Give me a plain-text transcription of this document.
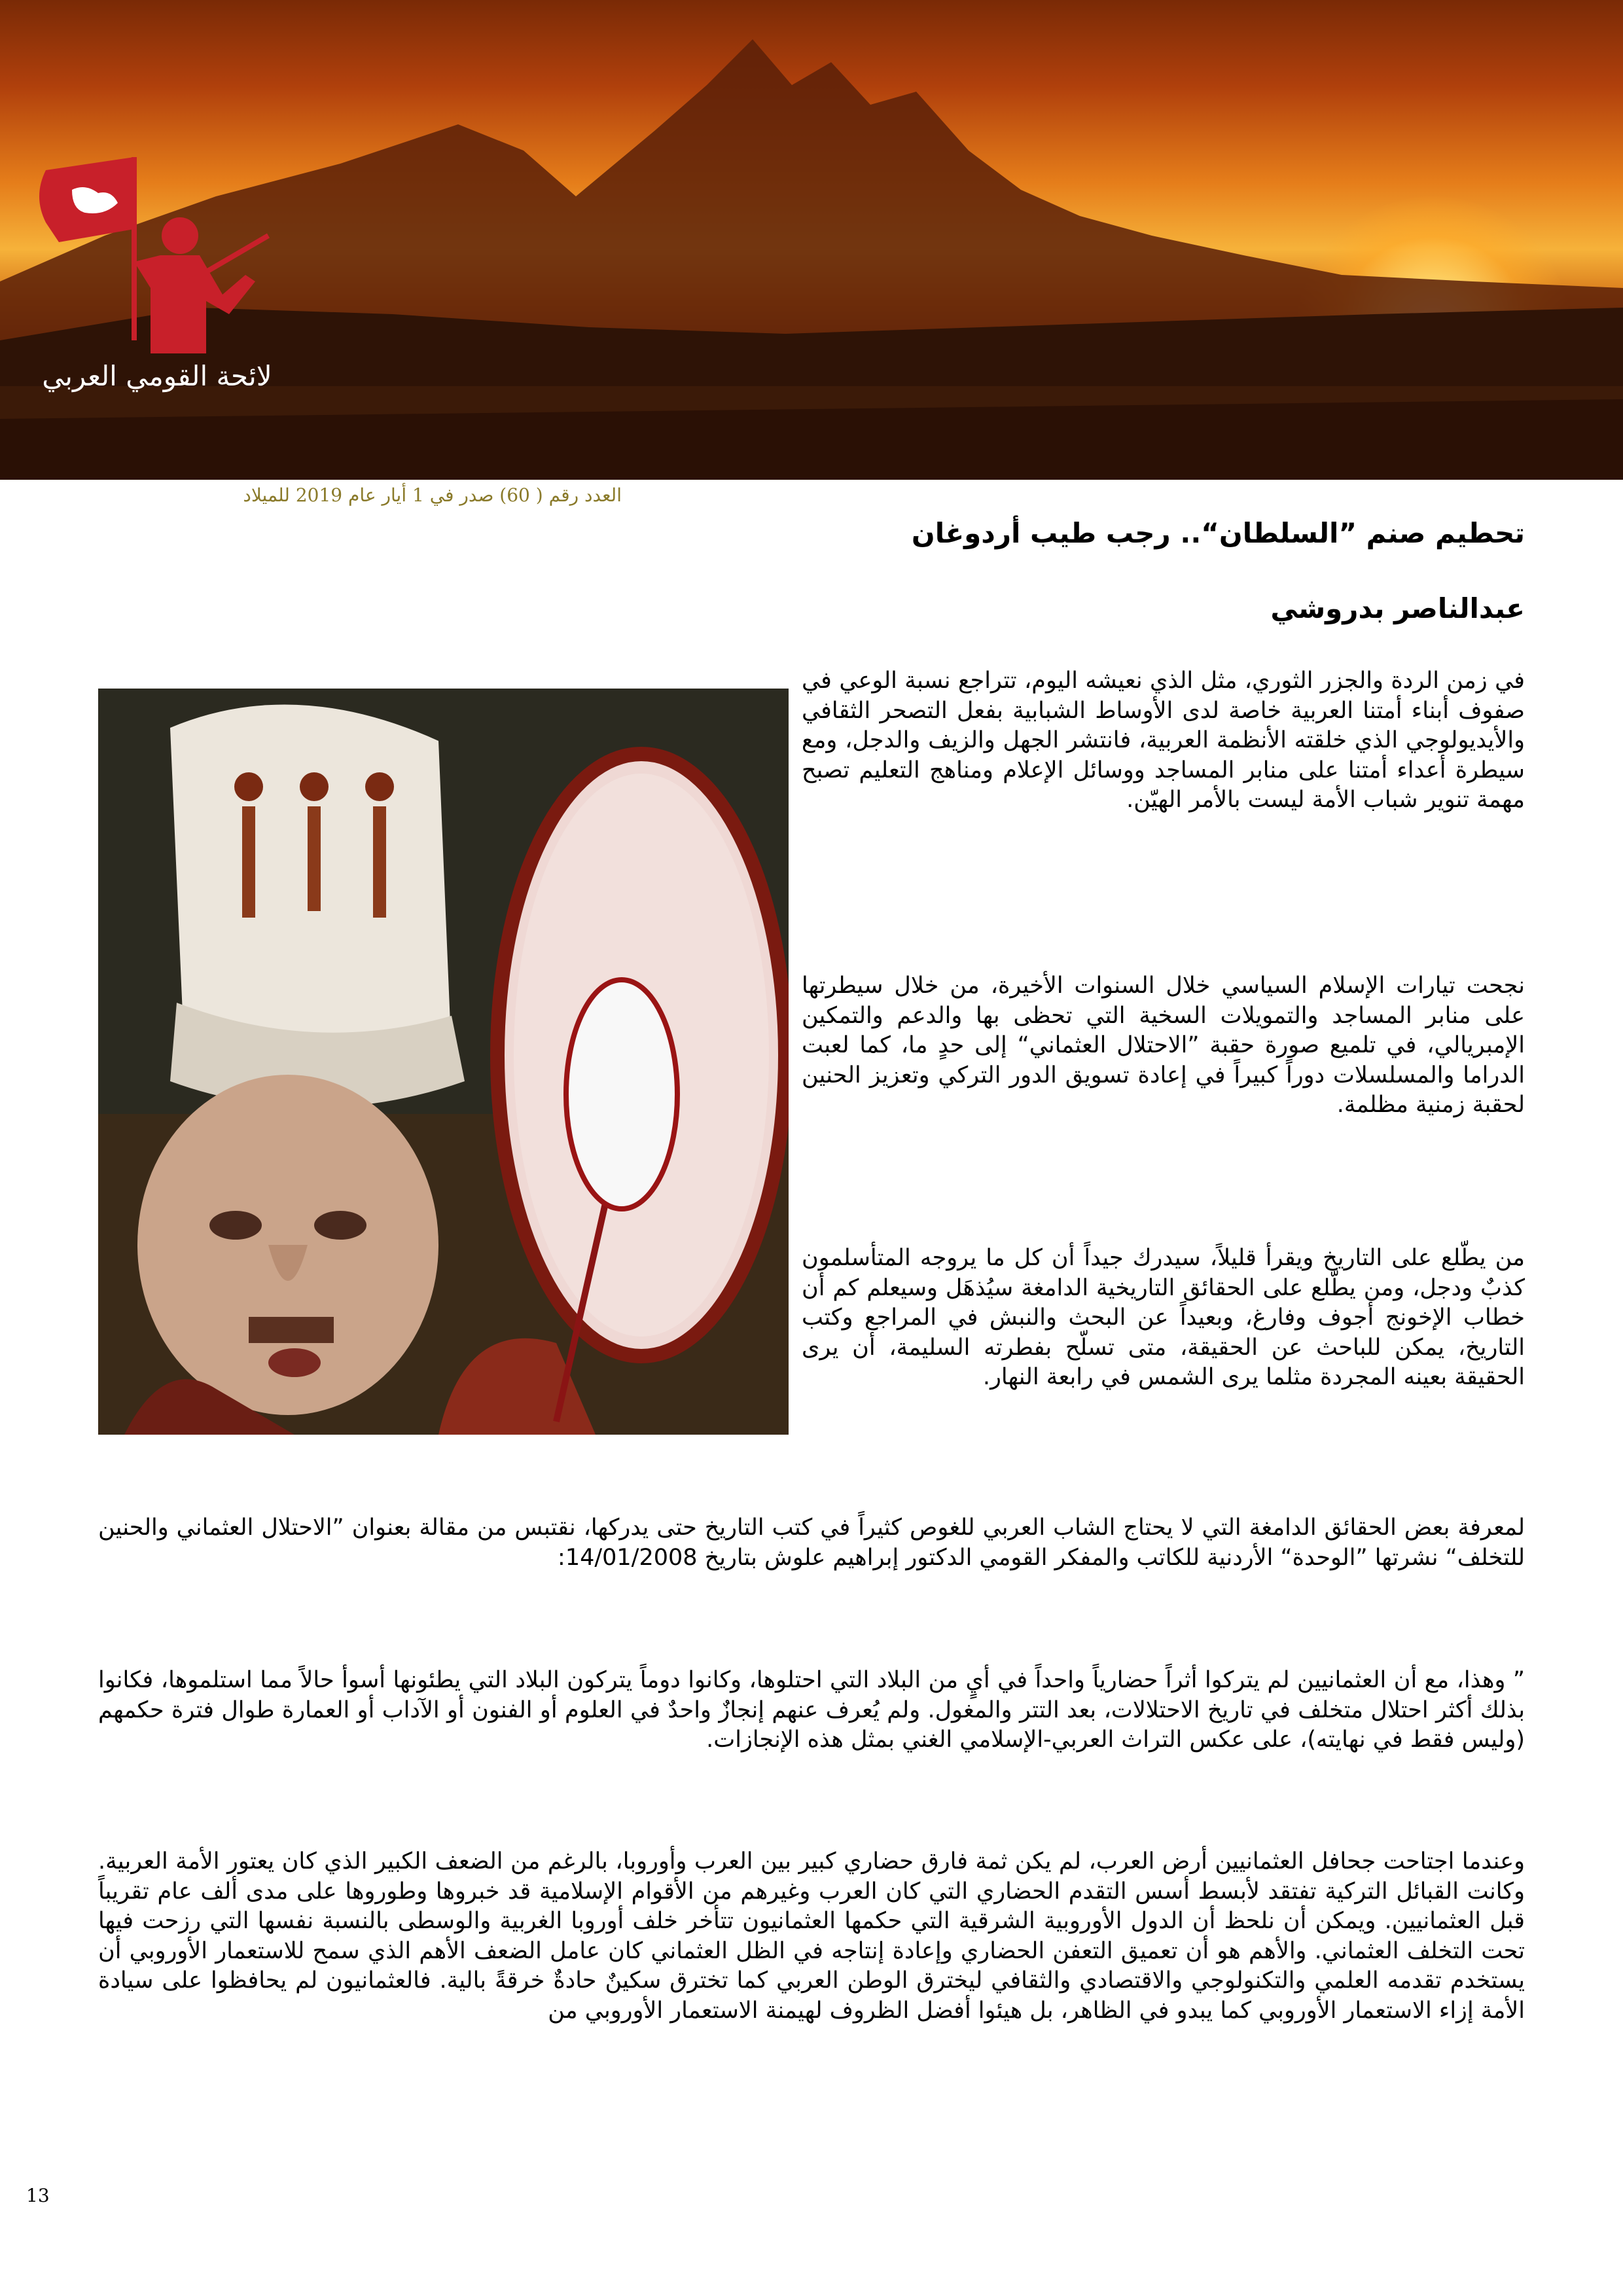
لائحة القومي العربي
العدد رقم ( 60) صدر في 1 أيار عام 2019 للميلاد
تحطيم صنم ”السلطان“.. رجب طيب أردوغان
عبدالناصر بدروشي
في زمن الردة والجزر الثوري، مثل الذي نعيشه اليوم، تتراجع نسبة الوعي في صفوف أبناء أمتنا العربية خاصة لدى الأوساط الشبابية بفعل التصحر الثقافي والأيديولوجي الذي خلقته الأنظمة العربية، فانتشر الجهل والزيف والدجل، ومع سيطرة أعداء أمتنا على منابر المساجد ووسائل الإعلام ومناهج التعليم تصبح مهمة تنوير شباب الأمة ليست بالأمر الهيّن.
نجحت تيارات الإسلام السياسي خلال السنوات الأخيرة، من خلال سيطرتها على منابر المساجد والتمويلات السخية التي تحظى بها والدعم والتمكين الإمبريالي، في تلميع صورة حقبة ”الاحتلال العثماني“ إلى حدٍ ما، كما لعبت الدراما والمسلسلات دوراً كبيراً في إعادة تسويق الدور التركي وتعزيز الحنين لحقبة زمنية مظلمة.
من يطّلع على التاريخ ويقرأ قليلاً، سيدرك جيداً أن كل ما يروجه المتأسلمون كذبٌ ودجل، ومن يطّلع على الحقائق التاريخية الدامغة سيُذهَل وسيعلم كم أن خطاب الإخونج أجوف وفارغ، وبعيداً عن البحث والنبش في المراجع وكتب التاريخ، يمكن للباحث عن الحقيقة، متى تسلّح بفطرته السليمة، أن يرى الحقيقة بعينه المجردة مثلما يرى الشمس في رابعة النهار.
لمعرفة بعض الحقائق الدامغة التي لا يحتاج الشاب العربي للغوص كثيراً في كتب التاريخ حتى يدركها، نقتبس من مقالة بعنوان ”الاحتلال العثماني والحنين للتخلف“ نشرتها ”الوحدة“ الأردنية للكاتب والمفكر القومي الدكتور إبراهيم علوش بتاريخ 14/01/2008:
” وهذا، مع أن العثمانيين لم يتركوا أثراً حضارياً واحداً في أيٍ من البلاد التي احتلوها، وكانوا دوماً يتركون البلاد التي يطئونها أسوأ حالاً مما استلموها، فكانوا بذلك أكثر احتلال متخلف في تاريخ الاحتلالات، بعد التتر والمغول. ولم يُعرف عنهم إنجازٌ واحدٌ في العلوم أو الفنون أو الآداب أو العمارة طوال فترة حكمهم (وليس فقط في نهايته)، على عكس التراث العربي-الإسلامي الغني بمثل هذه الإنجازات.
وعندما اجتاحت جحافل العثمانيين أرض العرب، لم يكن ثمة فارق حضاري كبير بين العرب وأوروبا، بالرغم من الضعف الكبير الذي كان يعتور الأمة العربية. وكانت القبائل التركية تفتقد لأبسط أسس التقدم الحضاري التي كان العرب وغيرهم من الأقوام الإسلامية قد خبروها وطوروها على مدى ألف عام تقريباً قبل العثمانيين. ويمكن أن نلحظ أن الدول الأوروبية الشرقية التي حكمها العثمانيون تتأخر خلف أوروبا الغربية والوسطى بالنسبة نفسها التي رزحت فيها تحت التخلف العثماني. والأهم هو أن تعميق التعفن الحضاري وإعادة إنتاجه في الظل العثماني كان عامل الضعف الأهم الذي سمح للاستعمار الأوروبي أن يستخدم تقدمه العلمي والتكنولوجي والاقتصادي والثقافي ليخترق الوطن العربي كما تخترق سكينٌ حادةٌ خرقةً بالية. فالعثمانيون لم يحافظوا على سيادة الأمة إزاء الاستعمار الأوروبي كما يبدو في الظاهر، بل هيئوا أفضل الظروف لهيمنة الاستعمار الأوروبي من
13
